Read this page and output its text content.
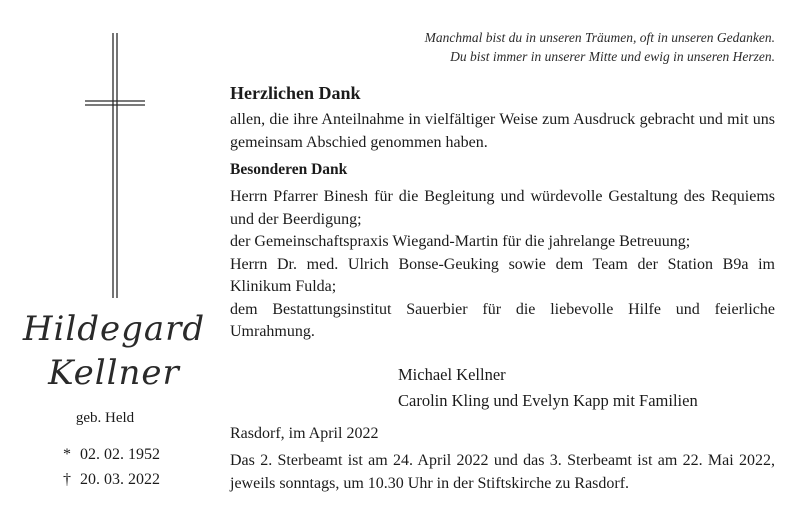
Hildegard
Kellner
geb. Held
* 02. 02. 1952
† 20. 03. 2022
Manchmal bist du in unseren Träumen, oft in unseren Gedanken.
Du bist immer in unserer Mitte und ewig in unseren Herzen.
Herzlichen Dank
allen, die ihre Anteilnahme in vielfältiger Weise zum Ausdruck gebracht und mit uns gemeinsam Abschied genommen haben.
Besonderen Dank
Herrn Pfarrer Binesh für die Begleitung und würdevolle Gestaltung des Requiems und der Beerdigung;
der Gemeinschaftspraxis Wiegand-Martin für die jahrelange Betreuung;
Herrn Dr. med. Ulrich Bonse-Geuking sowie dem Team der Station B9a im Klinikum Fulda;
dem Bestattungsinstitut Sauerbier für die liebevolle Hilfe und feierliche Umrahmung.
Michael Kellner
Carolin Kling und Evelyn Kapp mit Familien
Rasdorf, im April 2022
Das 2. Sterbeamt ist am 24. April 2022 und das 3. Sterbeamt ist am 22. Mai 2022, jeweils sonntags, um 10.30 Uhr in der Stiftskirche zu Rasdorf.
